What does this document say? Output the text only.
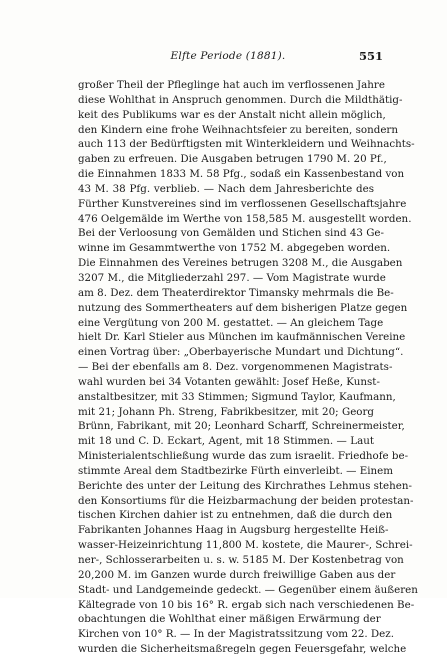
Elfte Periode (1881).	551
großer Theil der Pfleglinge hat auch im verflossenen Jahre
diese Wohlthat in Anspruch genommen. Durch die Mildthätig-
keit des Publikums war es der Anstalt nicht allein möglich,
den Kindern eine frohe Weihnachtsfeier zu bereiten, sondern
auch 113 der Bedürftigsten mit Winterkleidern und Weihnachts-
gaben zu erfreuen. Die Ausgaben betrugen 1790 M. 20 Pf.,
die Einnahmen 1833 M. 58 Pfg., sodaß ein Kassenbestand von
43 M. 38 Pfg. verblieb. — Nach dem Jahresberichte des
Fürther Kunstvereines sind im verflossenen Gesellschaftsjahre
476 Oelgemälde im Werthe von 158,585 M. ausgestellt worden.
Bei der Verloosung von Gemälden und Stichen sind 43 Ge-
winne im Gesammtwerthe von 1752 M. abgegeben worden.
Die Einnahmen des Vereines betrugen 3208 M., die Ausgaben
3207 M., die Mitgliederzahl 297. — Vom Magistrate wurde
am 8. Dez. dem Theaterdirektor Timansky mehrmals die Be-
nutzung des Sommertheaters auf dem bisherigen Platze gegen
eine Vergütung von 200 M. gestattet. — An gleichem Tage
hielt Dr. Karl Stieler aus München im kaufmännischen Vereine
einen Vortrag über: „Oberbayerische Mundart und Dichtung“.
— Bei der ebenfalls am 8. Dez. vorgenommenen Magistrats-
wahl wurden bei 34 Votanten gewählt: Josef Heße, Kunst-
anstaltbesitzer, mit 33 Stimmen; Sigmund Taylor, Kaufmann,
mit 21; Johann Ph. Streng, Fabrikbesitzer, mit 20; Georg
Brünn, Fabrikant, mit 20; Leonhard Scharff, Schreinermeister,
mit 18 und C. D. Eckart, Agent, mit 18 Stimmen. — Laut
Ministerialentschließung wurde das zum israelit. Friedhofe be-
stimmte Areal dem Stadtbezirke Fürth einverleibt. — Einem
Berichte des unter der Leitung des Kirchrathes Lehmus stehen-
den Konsortiums für die Heizbarmachung der beiden protestan-
tischen Kirchen dahier ist zu entnehmen, daß die durch den
Fabrikanten Johannes Haag in Augsburg hergestellte Heiß-
wasser-Heizeinrichtung 11,800 M. kostete, die Maurer-, Schrei-
ner-, Schlosserarbeiten u. s. w. 5185 M. Der Kostenbetrag von
20,200 M. im Ganzen wurde durch freiwillige Gaben aus der
Stadt- und Landgemeinde gedeckt. — Gegenüber einem äußeren
Kältegrade von 10 bis 16° R. ergab sich nach verschiedenen Be-
obachtungen die Wohlthat einer mäßigen Erwärmung der
Kirchen von 10° R. — In der Magistratssitzung vom 22. Dez.
wurden die Sicherheitsmaßregeln gegen Feuersgefahr, welche
